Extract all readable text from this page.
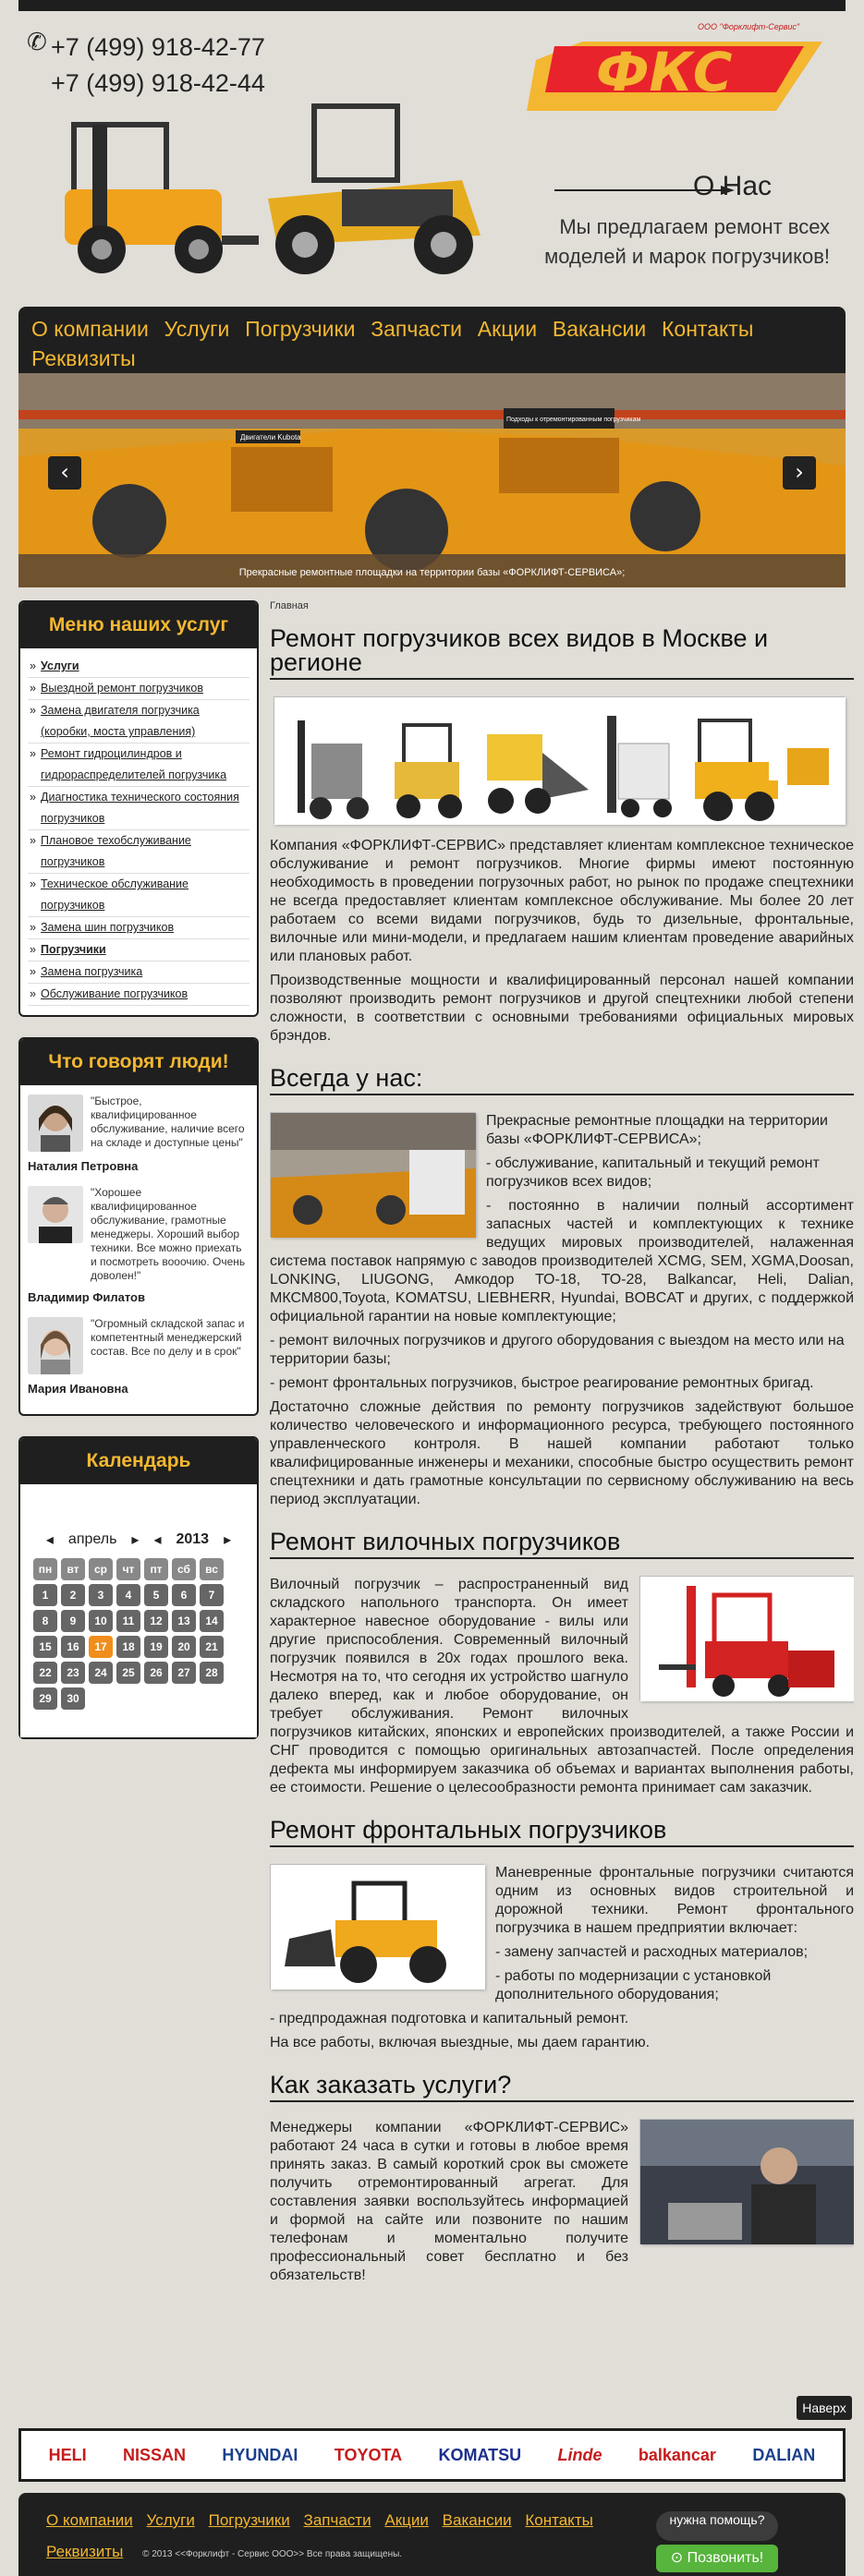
✆ +7 (499) 918-42-77
+7 (499) 918-42-44
ООО "Форклифт-Сервис"
ФКС
О Нас
Мы предлагаем ремонт всех моделей и марок погрузчиков!
О компании Услуги Погрузчики Запчасти Акции Вакансии Контакты
Реквизиты
Двигатели Kubota
Подходы к отремонтированным погрузчикам
‹	›
Прекрасные ремонтные площадки на территории базы «ФОРКЛИФТ-СЕРВИСА»;
Меню наших услуг
» Услуги
» Выездной ремонт погрузчиков
» Замена двигателя погрузчика (коробки, моста управления)
» Ремонт гидроцилиндров и гидрораспределителей погрузчика
» Диагностика технического состояния погрузчиков
» Плановое техобслуживание погрузчиков
» Техническое обслуживание погрузчиков
» Замена шин погрузчиков
» Погрузчики
» Замена погрузчика
» Обслуживание погрузчиков
Что говорят люди!
"Быстрое, квалифицированное обслуживание, наличие всего на складе и доступные цены"
Наталия Петровна
"Хорошее квалифицированное обслуживание, грамотные менеджеры. Хороший выбор техники. Все можно приехать и посмотреть вооочию. Очень доволен!"
Владимир Филатов
"Огромный складской запас и компетентный менеджерский состав. Все по делу и в срок"
Мария Ивановна
Календарь
◂ апрель ▸ ◂ 2013 ▸
пн	вт	ср	чт	пт	сб	вс
1	2	3	4	5	6	7
8	9	10	11	12	13	14
15	16	17	18	19	20	21
22	23	24	25	26	27	28
29	30
Главная
Ремонт погрузчиков всех видов в Москве и регионе

Компания «ФОРКЛИФТ-СЕРВИС» представляет клиентам комплексное техническое обслуживание и ремонт погрузчиков. Многие фирмы имеют постоянную необходимость в проведении погрузочных работ, но рынок по продаже спецтехники не всегда предоставляет клиентам комплексное обслуживание. Мы более 20 лет работаем со всеми видами погрузчиков, будь то дизельные, фронтальные, вилочные или мини-модели, и предлагаем нашим клиентам проведение аварийных или плановых работ.

Производственные мощности и квалифицированный персонал нашей компании позволяют производить ремонт погрузчиков и другой спецтехники любой степени сложности, в соответствии с основными требованиями официальных мировых брэндов.

Всегда у нас:

Прекрасные ремонтные площадки на территории базы «ФОРКЛИФТ-СЕРВИСА»;

- обслуживание, капитальный и текущий ремонт погрузчиков всех видов;

- постоянно в наличии полный ассортимент запасных частей и комплектующих к технике ведущих мировых производителей, налаженная система поставок напрямую с заводов производителей XCMG, SEM, XGMA,Doosan, LONKING, LIUGONG, Амкодор ТО-18, ТО-28, Balkancar, Heli, Dalian, МКСМ800,Toyota, KOMATSU, LIEBHERR, Hyundai, BOBCAT и других, с поддержкой официальной гарантии на новые комплектующие;

- ремонт вилочных погрузчиков и другого оборудования с выездом на место или на территории базы;

- ремонт фронтальных погрузчиков, быстрое реагирование ремонтных бригад.

Достаточно сложные действия по ремонту погрузчиков задействуют большое количество человеческого и информационного ресурса, требующего постоянного управленческого контроля. В нашей компании работают только квалифицированные инженеры и механики, способные быстро осуществить ремонт спецтехники и дать грамотные консультации по сервисному обслуживанию на весь период эксплуатации.

Ремонт вилочных погрузчиков

Вилочный погрузчик – распространенный вид складского напольного транспорта. Он имеет характерное навесное оборудование - вилы или другие приспособления. Современный вилочный погрузчик появился в 20х годах прошлого века. Несмотря на то, что сегодня их устройство шагнуло далеко вперед, как и любое оборудование, он требует обслуживания. Ремонт вилочных погрузчиков китайских, японских и европейских производителей, а также России и СНГ проводится с помощью оригинальных автозапчастей. После определения дефекта мы информируем заказчика об объемах и вариантах выполнения работы, ее стоимости. Решение о целесообразности ремонта принимает сам заказчик.

Ремонт фронтальных погрузчиков

Маневренные фронтальные погрузчики считаются одним из основных видов строительной и дорожной техники. Ремонт фронтального погрузчика в нашем предприятии включает:

- замену запчастей и расходных материалов;

- работы по модернизации с установкой дополнительного оборудования;

- предпродажная подготовка и капитальный ремонт.

На все работы, включая выездные, мы даем гарантию.

Как заказать услуги?

Менеджеры компании «ФОРКЛИФТ-СЕРВИС» работают 24 часа в сутки и готовы в любое время принять заказ. В самый короткий срок вы сможете получить отремонтированный агрегат. Для составления заявки воспользуйтесь информацией и формой на сайте или позвоните по нашим телефонам и моментально получите профессиональный совет бесплатно и без обязательств!

Наверх
HELI NISSAN HYUNDAI TOYOTA KOMATSU Linde balkancar DALIAN
О компании Услуги Погрузчики Запчасти Акции Вакансии Контакты
Реквизиты © 2013 <<Форклифт - Сервис ООО>> Все права защищены.
нужна помощь?
⊙ Позвонить!
